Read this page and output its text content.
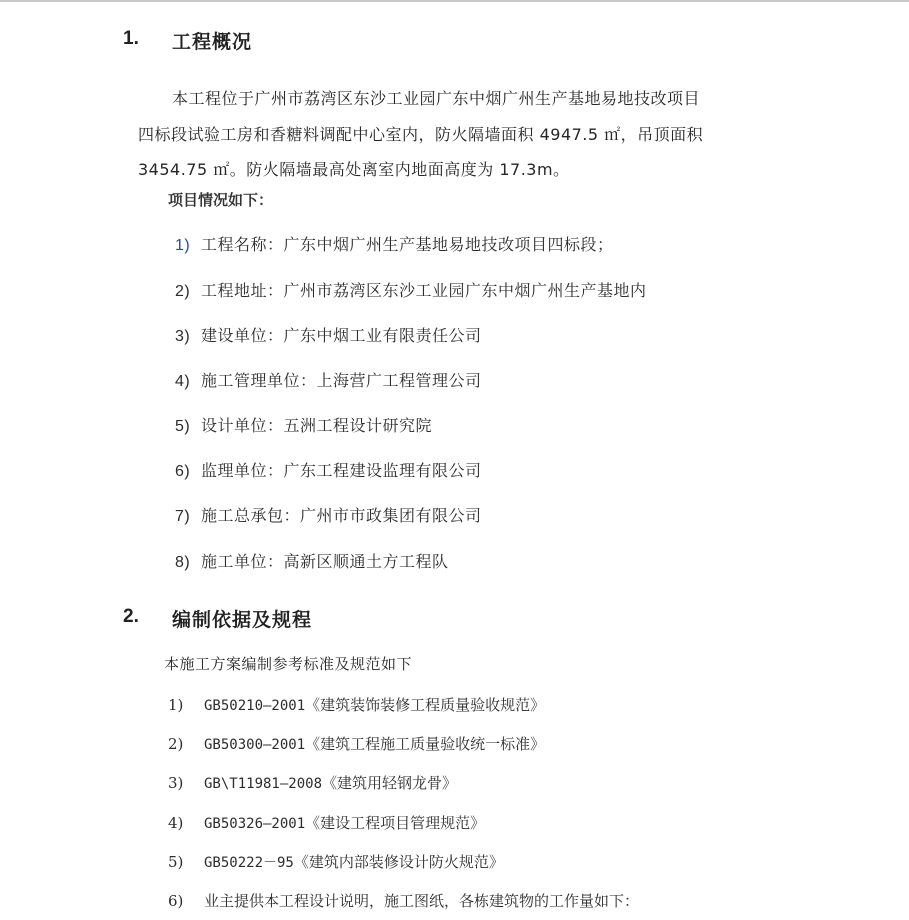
1. 工程概况
本工程位于广州市荔湾区东沙工业园广东中烟广州生产基地易地技改项目
四标段试验工房和香糖料调配中心室内，防火隔墙面积 4947.5 ㎡，吊顶面积
3454.75 ㎡。防火隔墙最高处离室内地面高度为 17.3m。
项目情况如下：
1) 工程名称：广东中烟广州生产基地易地技改项目四标段；
2) 工程地址：广州市荔湾区东沙工业园广东中烟广州生产基地内
3) 建设单位：广东中烟工业有限责任公司
4) 施工管理单位：上海营广工程管理公司
5) 设计单位：五洲工程设计研究院
6) 监理单位：广东工程建设监理有限公司
7) 施工总承包：广州市市政集团有限公司
8) 施工单位：高新区顺通土方工程队
2. 编制依据及规程
本施工方案编制参考标准及规范如下
1) GB50210—2001《建筑装饰装修工程质量验收规范》
2) GB50300—2001《建筑工程施工质量验收统一标准》
3) GB\T11981—2008《建筑用轻钢龙骨》
4) GB50326—2001《建设工程项目管理规范》
5) GB50222－95《建筑内部装修设计防火规范》
6) 业主提供本工程设计说明，施工图纸，各栋建筑物的工作量如下：
